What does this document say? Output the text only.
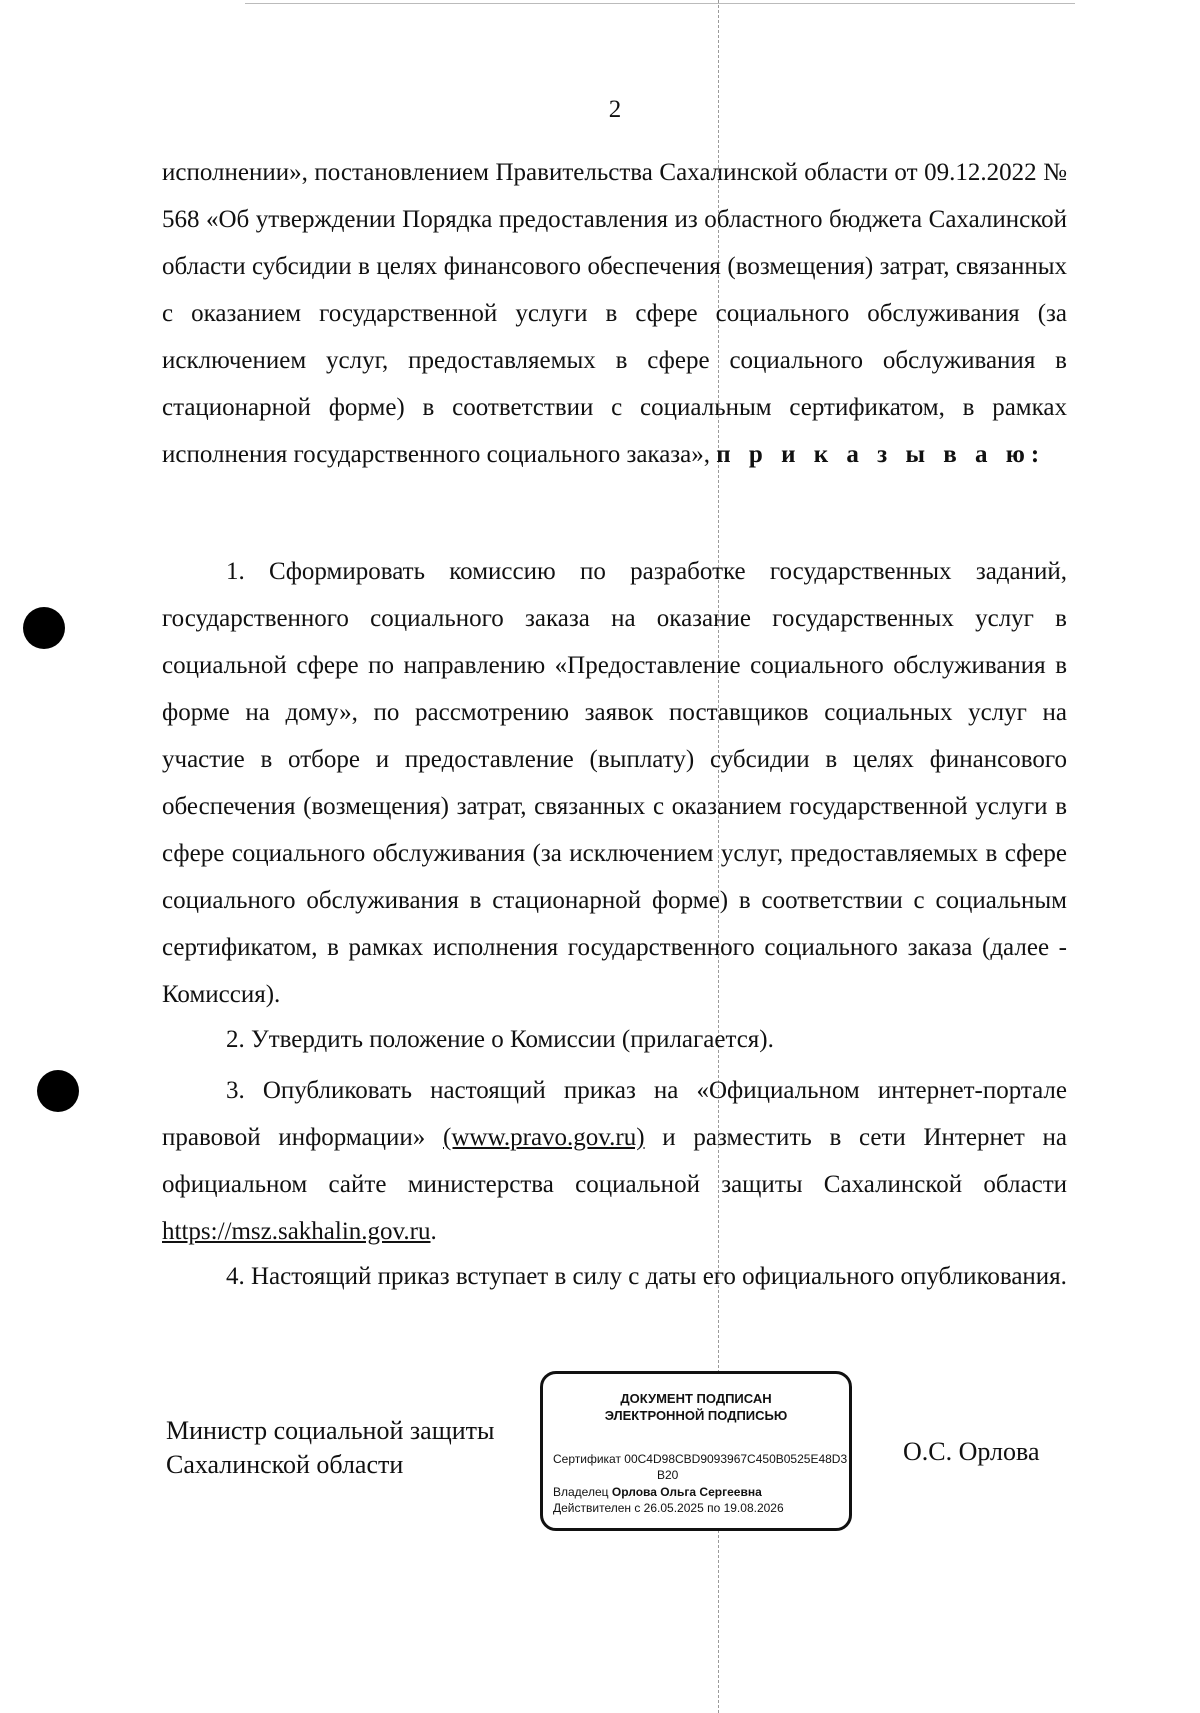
2

исполнении», постановлением Правительства Сахалинской области от 09.12.2022 № 568 «Об утверждении Порядка предоставления из областного бюджета Сахалинской области субсидии в целях финансового обеспечения (возмещения) затрат, связанных с оказанием государственной услуги в сфере социального обслуживания (за исключением услуг, предоставляемых в сфере социального обслуживания в стационарной форме) в соответствии с социальным сертификатом, в рамках исполнения государственного социального заказа», п р и к а з ы в а ю:

1. Сформировать комиссию по разработке государственных заданий, государственного социального заказа на оказание государственных услуг в социальной сфере по направлению «Предоставление социального обслуживания в форме на дому», по рассмотрению заявок поставщиков социальных услуг на участие в отборе и предоставление (выплату) субсидии в целях финансового обеспечения (возмещения) затрат, связанных с оказанием государственной услуги в сфере социального обслуживания (за исключением услуг, предоставляемых в сфере социального обслуживания в стационарной форме) в соответствии с социальным сертификатом, в рамках исполнения государственного социального заказа (далее - Комиссия).

2. Утвердить положение о Комиссии (прилагается).

3. Опубликовать настоящий приказ на «Официальном интернет-портале правовой информации» (www.pravo.gov.ru) и разместить в сети Интернет на официальном сайте министерства социальной защиты Сахалинской области https://msz.sakhalin.gov.ru.

4. Настоящий приказ вступает в силу с даты его официального опубликования.

Министр социальной защиты
Сахалинской области
ДОКУМЕНТ ПОДПИСАН
ЭЛЕКТРОННОЙ ПОДПИСЬЮ
Сертификат 00C4D98CBD9093967C450B0525E48D3
B20
Владелец Орлова Ольга Сергеевна
Действителен с 26.05.2025 по 19.08.2026
О.С. Орлова
